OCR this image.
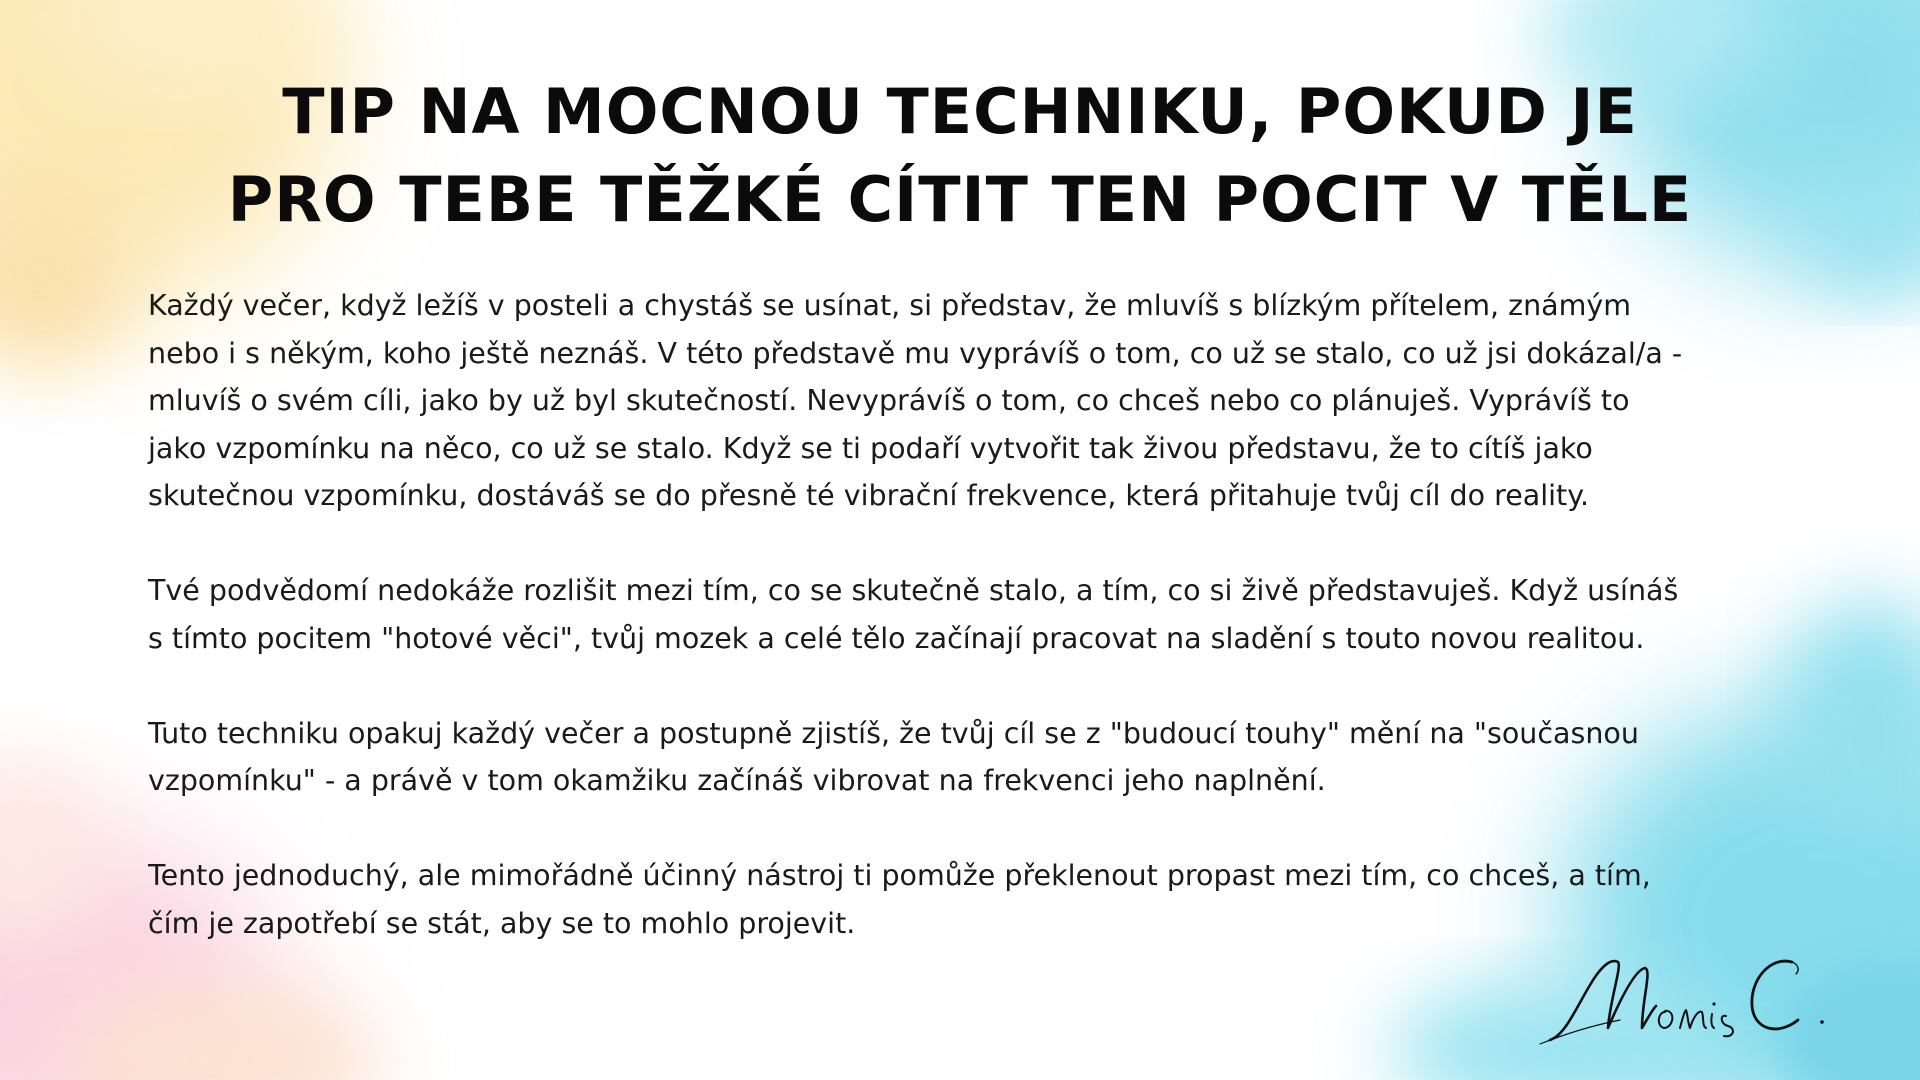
TIP NA MOCNOU TECHNIKU, POKUD JE
PRO TEBE TĚŽKÉ CÍTIT TEN POCIT V TĚLE

Každý večer, když ležíš v posteli a chystáš se usínat, si představ, že mluvíš s blízkým přítelem, známým
nebo i s někým, koho ještě neznáš. V této představě mu vyprávíš o tom, co už se stalo, co už jsi dokázal/a -
mluvíš o svém cíli, jako by už byl skutečností. Nevyprávíš o tom, co chceš nebo co plánuješ. Vyprávíš to
jako vzpomínku na něco, co už se stalo. Když se ti podaří vytvořit tak živou představu, že to cítíš jako
skutečnou vzpomínku, dostáváš se do přesně té vibrační frekvence, která přitahuje tvůj cíl do reality.

Tvé podvědomí nedokáže rozlišit mezi tím, co se skutečně stalo, a tím, co si živě představuješ. Když usínáš
s tímto pocitem "hotové věci", tvůj mozek a celé tělo začínají pracovat na sladění s touto novou realitou.

Tuto techniku opakuj každý večer a postupně zjistíš, že tvůj cíl se z "budoucí touhy" mění na "současnou
vzpomínku" - a právě v tom okamžiku začínáš vibrovat na frekvenci jeho naplnění.

Tento jednoduchý, ale mimořádně účinný nástroj ti pomůže překlenout propast mezi tím, co chceš, a tím,
čím je zapotřebí se stát, aby se to mohlo projevit.
